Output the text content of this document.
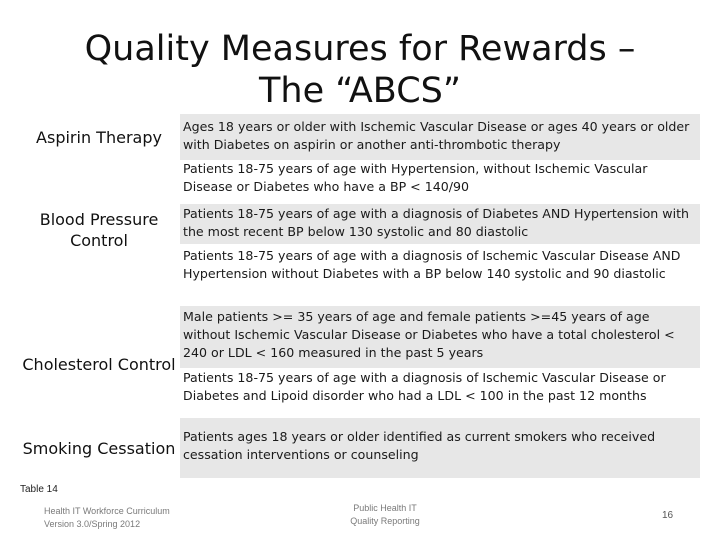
Quality Measures for Rewards –
The “ABCS”
Aspirin Therapy
Ages 18 years or older with Ischemic Vascular Disease or ages 40 years or older with Diabetes on aspirin or another anti-thrombotic therapy
Patients 18-75 years of age with Hypertension, without Ischemic Vascular Disease or Diabetes who have a BP < 140/90
Patients 18-75 years of age with a diagnosis of Diabetes AND Hypertension with the most recent BP below 130 systolic and 80 diastolic
Patients 18-75 years of age with a diagnosis of Ischemic Vascular Disease AND Hypertension without Diabetes with a BP below 140 systolic and 90 diastolic
Blood Pressure Control
Male patients >= 35 years of age and female patients >=45 years of age without Ischemic Vascular Disease or Diabetes who have a total cholesterol < 240 or LDL < 160 measured in the past 5 years
Patients 18-75 years of age with a diagnosis of Ischemic Vascular Disease or Diabetes and Lipoid disorder who had a LDL < 100 in the past 12 months
Cholesterol Control
Patients ages 18 years or older identified as current smokers who received cessation interventions or counseling
Smoking Cessation
Table 14
Health IT Workforce Curriculum
Version 3.0/Spring 2012
Public Health IT
Quality Reporting	16
